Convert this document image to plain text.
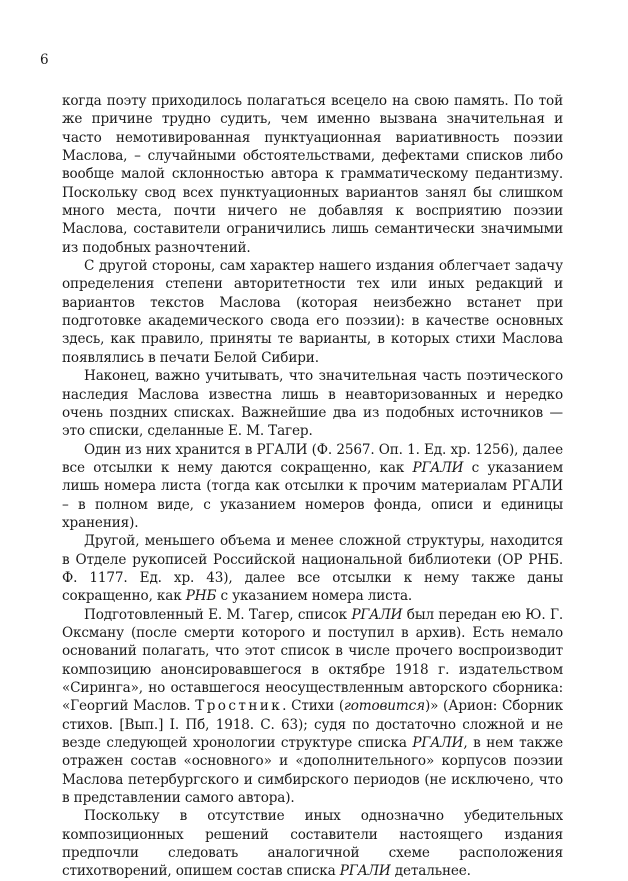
6

когда поэту приходилось полагаться всецело на свою память. По той же причине трудно судить, чем именно вызвана значительная и часто немотивированная пунктуационная вариативность поэзии Маслова, – случайными обстоятельствами, дефектами списков либо вообще малой склонностью автора к грамматическому педантизму. Поскольку свод всех пунктуационных вариантов занял бы слишком много места, почти ничего не добавляя к восприятию поэзии Маслова, составители ограничились лишь семантически значимыми из подобных разночтений.

С другой стороны, сам характер нашего издания облегчает задачу определения степени авторитетности тех или иных редакций и вариантов текстов Маслова (которая неизбежно встанет при подготовке академического свода его поэзии): в качестве основных здесь, как правило, приняты те варианты, в которых стихи Маслова появлялись в печати Белой Сибири.

Наконец, важно учитывать, что значительная часть поэтического наследия Маслова известна лишь в неавторизованных и нередко очень поздних списках. Важнейшие два из подобных источников — это списки, сделанные Е. М. Тагер.

Один из них хранится в РГАЛИ (Ф. 2567. Оп. 1. Ед. хр. 1256), далее все отсылки к нему даются сокращенно, как РГАЛИ с указанием лишь номера листа (тогда как отсылки к прочим материалам РГАЛИ – в полном виде, с указанием номеров фонда, описи и единицы хранения).

Другой, меньшего объема и менее сложной структуры, находится в Отделе рукописей Российской национальной библиотеки (ОР РНБ. Ф. 1177. Ед. хр. 43), далее все отсылки к нему также даны сокращенно, как РНБ с указанием номера листа.

Подготовленный Е. М. Тагер, список РГАЛИ был передан ею Ю. Г. Оксману (после смерти которого и поступил в архив). Есть немало оснований полагать, что этот список в числе прочего воспроизводит композицию анонсировавшегося в октябре 1918 г. издательством «Сиринга», но оставшегося неосуществленным авторского сборника: «Георгий Маслов. Тростник. Стихи (готовится)» (Арион: Сборник стихов. [Вып.] I. Пб, 1918. С. 63); судя по достаточно сложной и не везде следующей хронологии структуре списка РГАЛИ, в нем также отражен состав «основного» и «дополнительного» корпусов поэзии Маслова петербургского и симбирского периодов (не исключено, что в представлении самого автора).

Поскольку в отсутствие иных однозначно убедительных композиционных решений составители настоящего издания предпочли следовать аналогичной схеме расположения стихотворений, опишем состав списка РГАЛИ детальнее.
